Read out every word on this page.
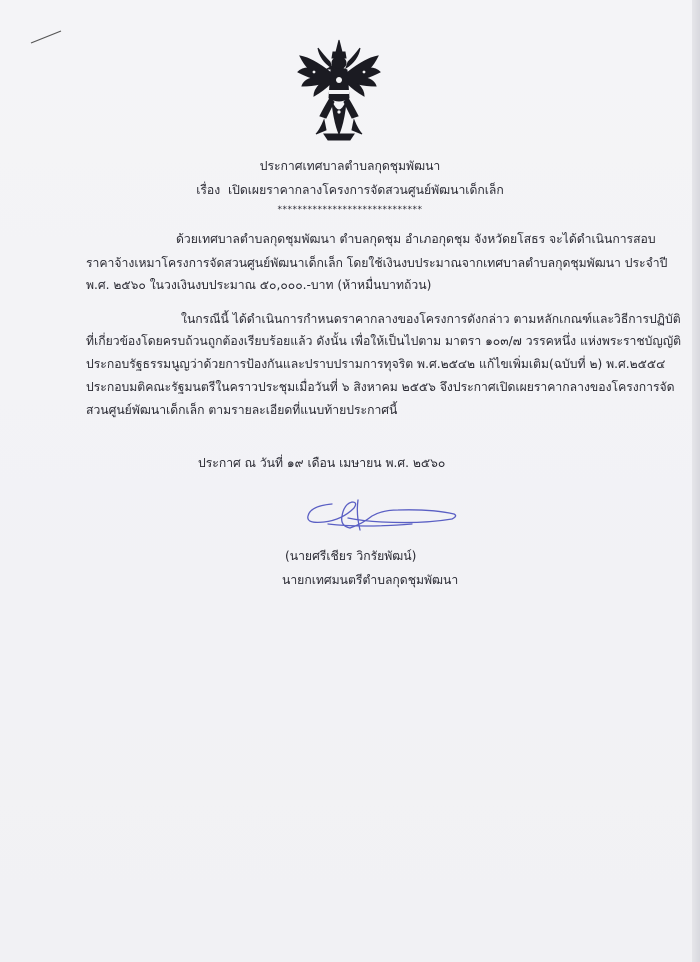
ประกาศเทศบาลตำบลกุดชุมพัฒนา
เรื่อง เปิดเผยราคากลางโครงการจัดสวนศูนย์พัฒนาเด็กเล็ก
*****************************
ด้วยเทศบาลตำบลกุดชุมพัฒนา ตำบลกุดชุม อำเภอกุดชุม จังหวัดยโสธร จะได้ดำเนินการสอบ
ราคาจ้างเหมาโครงการจัดสวนศูนย์พัฒนาเด็กเล็ก โดยใช้เงินงบประมาณจากเทศบาลตำบลกุดชุมพัฒนา ประจำปี
พ.ศ. ๒๕๖๐ ในวงเงินงบประมาณ ๕๐,๐๐๐.-บาท (ห้าหมื่นบาทถ้วน)
ในกรณีนี้ ได้ดำเนินการกำหนดราคากลางของโครงการดังกล่าว ตามหลักเกณฑ์และวิธีการปฏิบัติ
ที่เกี่ยวข้องโดยครบถ้วนถูกต้องเรียบร้อยแล้ว ดังนั้น เพื่อให้เป็นไปตาม มาตรา ๑๐๓/๗ วรรคหนึ่ง แห่งพระราชบัญญัติ
ประกอบรัฐธรรมนูญว่าด้วยการป้องกันและปราบปรามการทุจริต พ.ศ.๒๕๔๒ แก้ไขเพิ่มเติม(ฉบับที่ ๒) พ.ศ.๒๕๕๔
ประกอบมติคณะรัฐมนตรีในคราวประชุมเมื่อวันที่ ๖ สิงหาคม ๒๕๕๖ จึงประกาศเปิดเผยราคากลางของโครงการจัด
สวนศูนย์พัฒนาเด็กเล็ก ตามรายละเอียดที่แนบท้ายประกาศนี้
ประกาศ ณ วันที่ ๑๙ เดือน เมษายน พ.ศ. ๒๕๖๐
(นายศรีเชียร วิกรัยพัฒน์)
นายกเทศมนตรีตำบลกุดชุมพัฒนา
